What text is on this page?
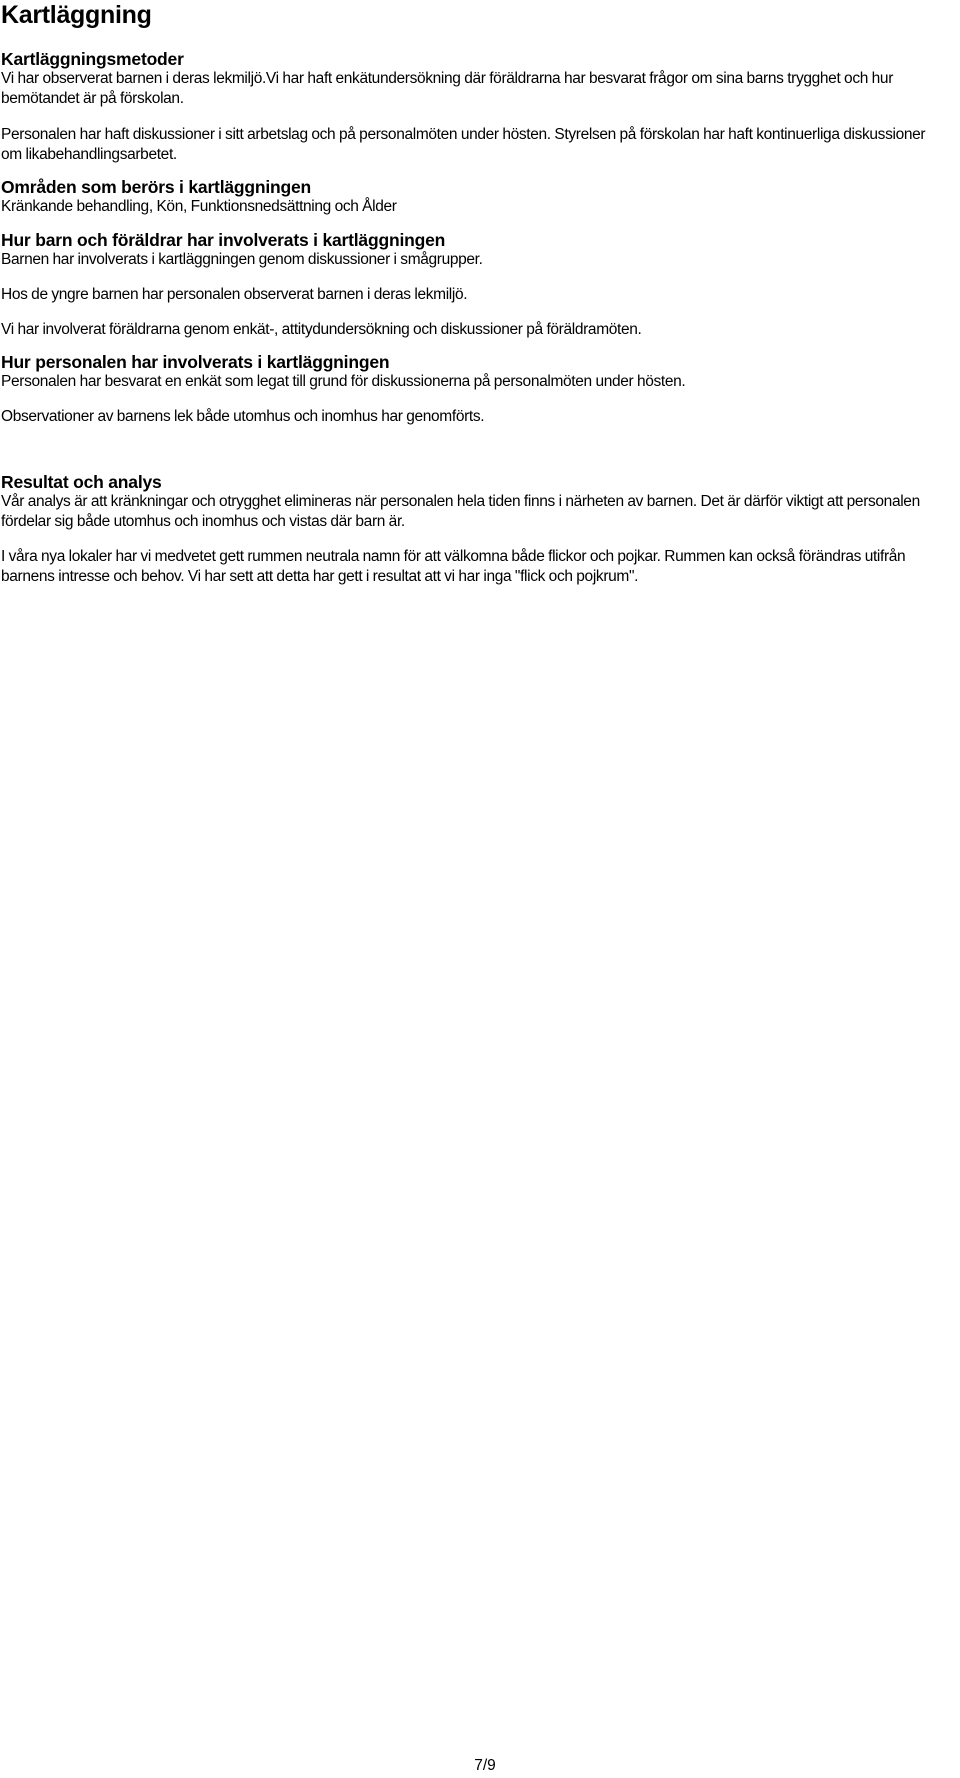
Kartläggning
Kartläggningsmetoder

Vi har observerat barnen i deras lekmiljö.Vi har haft enkätundersökning där föräldrarna har besvarat frågor om sina barns trygghet och hur bemötandet är på förskolan.

Personalen har haft diskussioner i sitt arbetslag och på personalmöten under hösten. Styrelsen på förskolan har haft kontinuerliga diskussioner om likabehandlingsarbetet.

Områden som berörs i kartläggningen

Kränkande behandling, Kön, Funktionsnedsättning och Ålder

Hur barn och föräldrar har involverats i kartläggningen

Barnen har involverats i kartläggningen genom diskussioner i smågrupper.

Hos de yngre barnen har personalen observerat barnen i deras lekmiljö.

Vi har involverat föräldrarna genom enkät-, attitydundersökning och diskussioner på föräldramöten.

Hur personalen har involverats i kartläggningen

Personalen har besvarat en enkät som legat till grund för diskussionerna på personalmöten under hösten.

Observationer av barnens lek både utomhus och inomhus har genomförts.

Resultat och analys

Vår analys är att kränkningar och otrygghet elimineras när personalen hela tiden finns i närheten av barnen. Det är därför viktigt att personalen fördelar sig både utomhus och inomhus och vistas där barn är.

I våra nya lokaler har vi medvetet gett rummen neutrala namn för att välkomna både flickor och pojkar. Rummen kan också förändras utifrån barnens intresse och behov. Vi har sett att detta har gett i resultat att vi har inga "flick och pojkrum".

7/9
